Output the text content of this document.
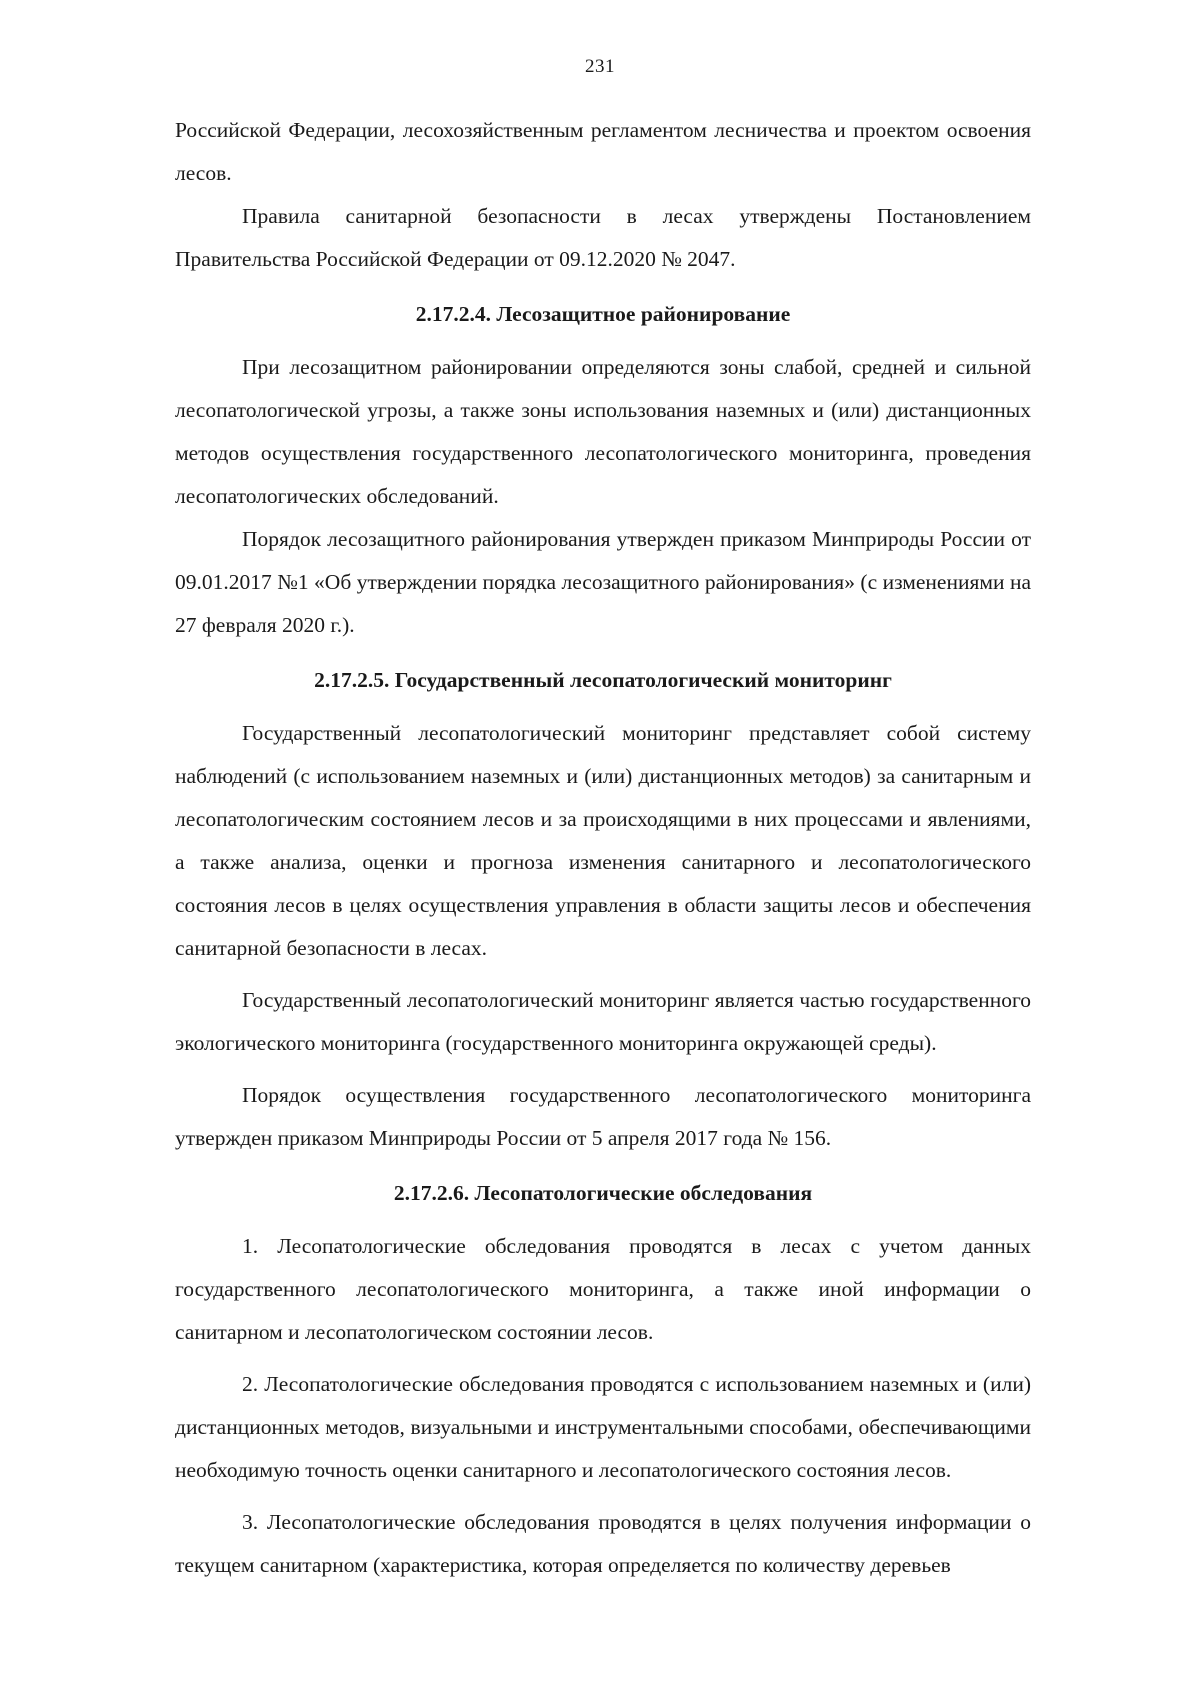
231

Российской Федерации, лесохозяйственным регламентом лесничества и проектом освоения лесов.

Правила санитарной безопасности в лесах утверждены Постановлением Правительства Российской Федерации от 09.12.2020 № 2047.

2.17.2.4. Лесозащитное районирование

При лесозащитном районировании определяются зоны слабой, средней и сильной лесопатологической угрозы, а также зоны использования наземных и (или) дистанционных методов осуществления государственного лесопатологического мониторинга, проведения лесопатологических обследований.

Порядок лесозащитного районирования утвержден приказом Минприроды России от 09.01.2017 №1 «Об утверждении порядка лесозащитного районирования» (с изменениями на 27 февраля 2020 г.).

2.17.2.5. Государственный лесопатологический мониторинг

Государственный лесопатологический мониторинг представляет собой систему наблюдений (с использованием наземных и (или) дистанционных методов) за санитарным и лесопатологическим состоянием лесов и за происходящими в них процессами и явлениями, а также анализа, оценки и прогноза изменения санитарного и лесопатологического состояния лесов в целях осуществления управления в области защиты лесов и обеспечения санитарной безопасности в лесах.

Государственный лесопатологический мониторинг является частью государственного экологического мониторинга (государственного мониторинга окружающей среды).

Порядок осуществления государственного лесопатологического мониторинга утвержден приказом Минприроды России от 5 апреля 2017 года № 156.

2.17.2.6. Лесопатологические обследования

1. Лесопатологические обследования проводятся в лесах с учетом данных государственного лесопатологического мониторинга, а также иной информации о санитарном и лесопатологическом состоянии лесов.

2. Лесопатологические обследования проводятся с использованием наземных и (или) дистанционных методов, визуальными и инструментальными способами, обеспечивающими необходимую точность оценки санитарного и лесопатологического состояния лесов.

3. Лесопатологические обследования проводятся в целях получения информации о текущем санитарном (характеристика, которая определяется по количеству деревьев
